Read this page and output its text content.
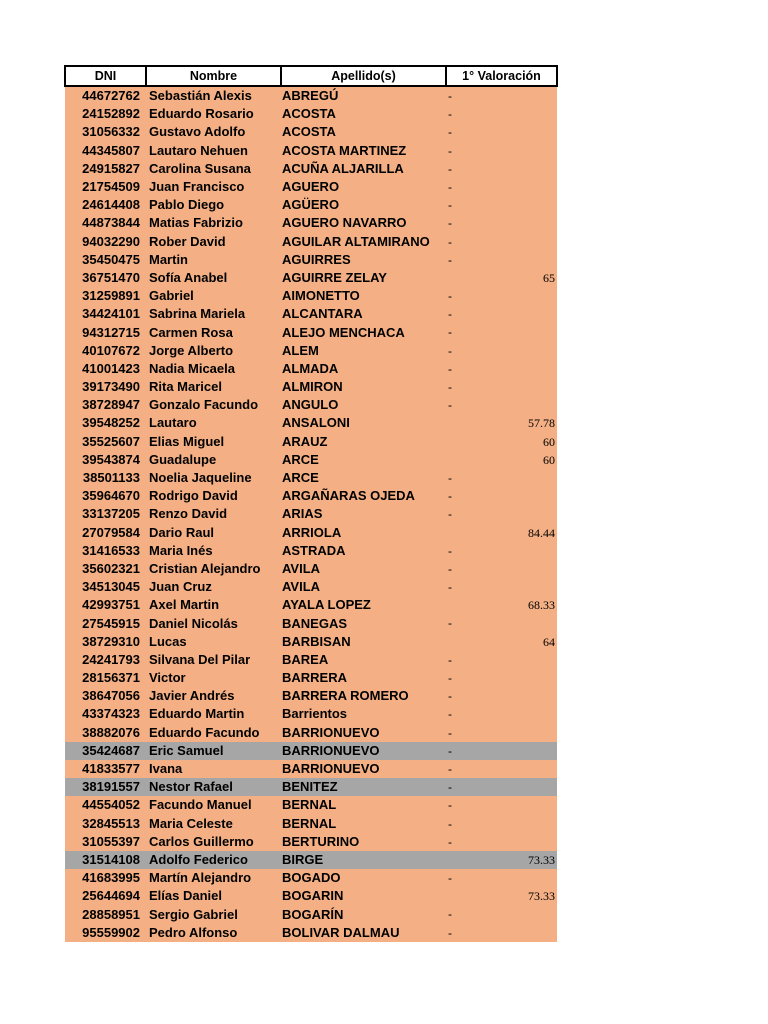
DNI	Nombre	Apellido(s)	1° Valoración
44672762	Sebastián Alexis	ABREGÚ	-

24152892	Eduardo Rosario	ACOSTA	-

31056332	Gustavo Adolfo	ACOSTA	-

44345807	Lautaro Nehuen	ACOSTA MARTINEZ	-

24915827	Carolina Susana	ACUÑA ALJARILLA	-

21754509	Juan Francisco	AGUERO	-

24614408	Pablo Diego	AGÜERO	-

44873844	Matias Fabrizio	AGUERO NAVARRO	-

94032290	Rober David	AGUILAR ALTAMIRANO	-

35450475	Martin	AGUIRRES	-

36751470	Sofía Anabel	AGUIRRE ZELAY	65
31259891	Gabriel	AIMONETTO	-

34424101	Sabrina Mariela	ALCANTARA	-

94312715	Carmen Rosa	ALEJO MENCHACA	-

40107672	Jorge Alberto	ALEM	-

41001423	Nadia Micaela	ALMADA	-

39173490	Rita Maricel	ALMIRON	-

38728947	Gonzalo Facundo	ANGULO	-

39548252	Lautaro	ANSALONI	57.78
35525607	Elias Miguel	ARAUZ	60
39543874	Guadalupe	ARCE	60
38501133	Noelia Jaqueline	ARCE	-

35964670	Rodrigo David	ARGAÑARAS OJEDA	-

33137205	Renzo David	ARIAS	-

27079584	Dario Raul	ARRIOLA	84.44
31416533	Maria Inés	ASTRADA	-

35602321	Cristian Alejandro	AVILA	-

34513045	Juan Cruz	AVILA	-

42993751	Axel Martin	AYALA LOPEZ	68.33
27545915	Daniel Nicolás	BANEGAS	-

38729310	Lucas	BARBISAN	64
24241793	Silvana Del Pilar	BAREA	-

28156371	Victor	BARRERA	-

38647056	Javier Andrés	BARRERA ROMERO	-

43374323	Eduardo Martin	Barrientos	-

38882076	Eduardo Facundo	BARRIONUEVO	-

35424687	Eric Samuel	BARRIONUEVO	-

41833577	Ivana	BARRIONUEVO	-

38191557	Nestor Rafael	BENITEZ	-

44554052	Facundo Manuel	BERNAL	-

32845513	Maria Celeste	BERNAL	-

31055397	Carlos Guillermo	BERTURINO	-

31514108	Adolfo Federico	BIRGE	73.33
41683995	Martín Alejandro	BOGADO	-

25644694	Elías Daniel	BOGARIN	73.33
28858951	Sergio Gabriel	BOGARÍN	-

95559902	Pedro Alfonso	BOLIVAR DALMAU	-
